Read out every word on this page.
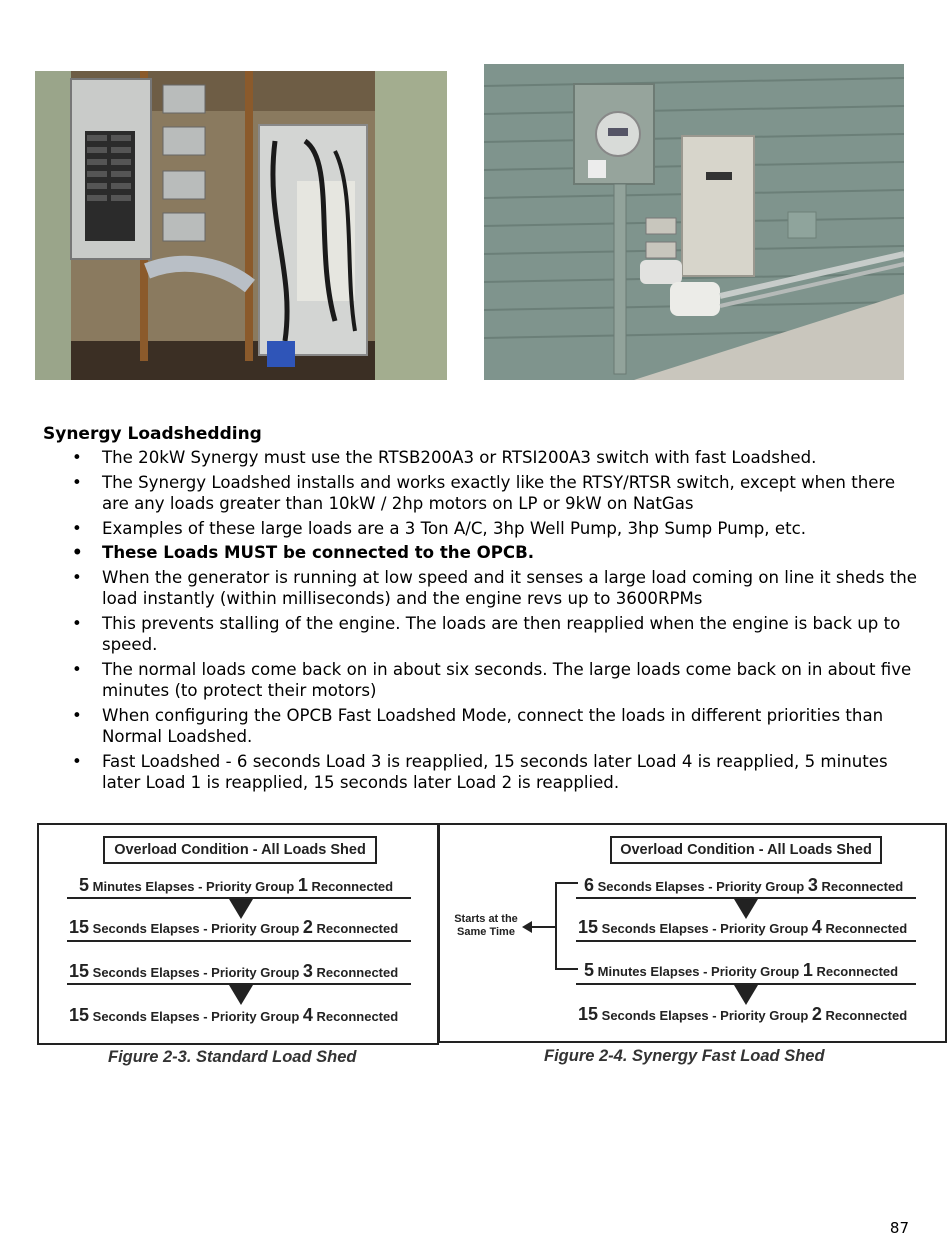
Synergy Loadshedding
• The 20kW Synergy must use the RTSB200A3 or RTSI200A3 switch with fast Loadshed.
• The Synergy Loadshed installs and works exactly like the RTSY/RTSR switch, except when there are any loads greater than 10kW / 2hp motors on LP or 9kW on NatGas
• Examples of these large loads are a 3 Ton A/C, 3hp Well Pump, 3hp Sump Pump, etc.
• These Loads MUST be connected to the OPCB.
• When the generator is running at low speed and it senses a large load coming on line it sheds the load instantly (within milliseconds) and the engine revs up to 3600RPMs
• This prevents stalling of the engine. The loads are then reapplied when the engine is back up to speed.
• The normal loads come back on in about six seconds. The large loads come back on in about five minutes (to protect their motors)
• When configuring the OPCB Fast Loadshed Mode, connect the loads in different priorities than Normal Loadshed.
• Fast Loadshed - 6 seconds Load 3 is reapplied, 15 seconds later Load 4 is reapplied, 5 minutes later Load 1 is reapplied, 15 seconds later Load 2 is reapplied.
Overload Condition - All Loads Shed
5 Minutes Elapses - Priority Group 1 Reconnected
15 Seconds Elapses - Priority Group 2 Reconnected
15 Seconds Elapses - Priority Group 3 Reconnected
15 Seconds Elapses - Priority Group 4 Reconnected
Figure 2-3. Standard Load Shed
Overload Condition - All Loads Shed
Starts at the
Same Time
6 Seconds Elapses - Priority Group 3 Reconnected
15 Seconds Elapses - Priority Group 4 Reconnected
5 Minutes Elapses - Priority Group 1 Reconnected
15 Seconds Elapses - Priority Group 2 Reconnected
Figure 2-4. Synergy Fast Load Shed
87
